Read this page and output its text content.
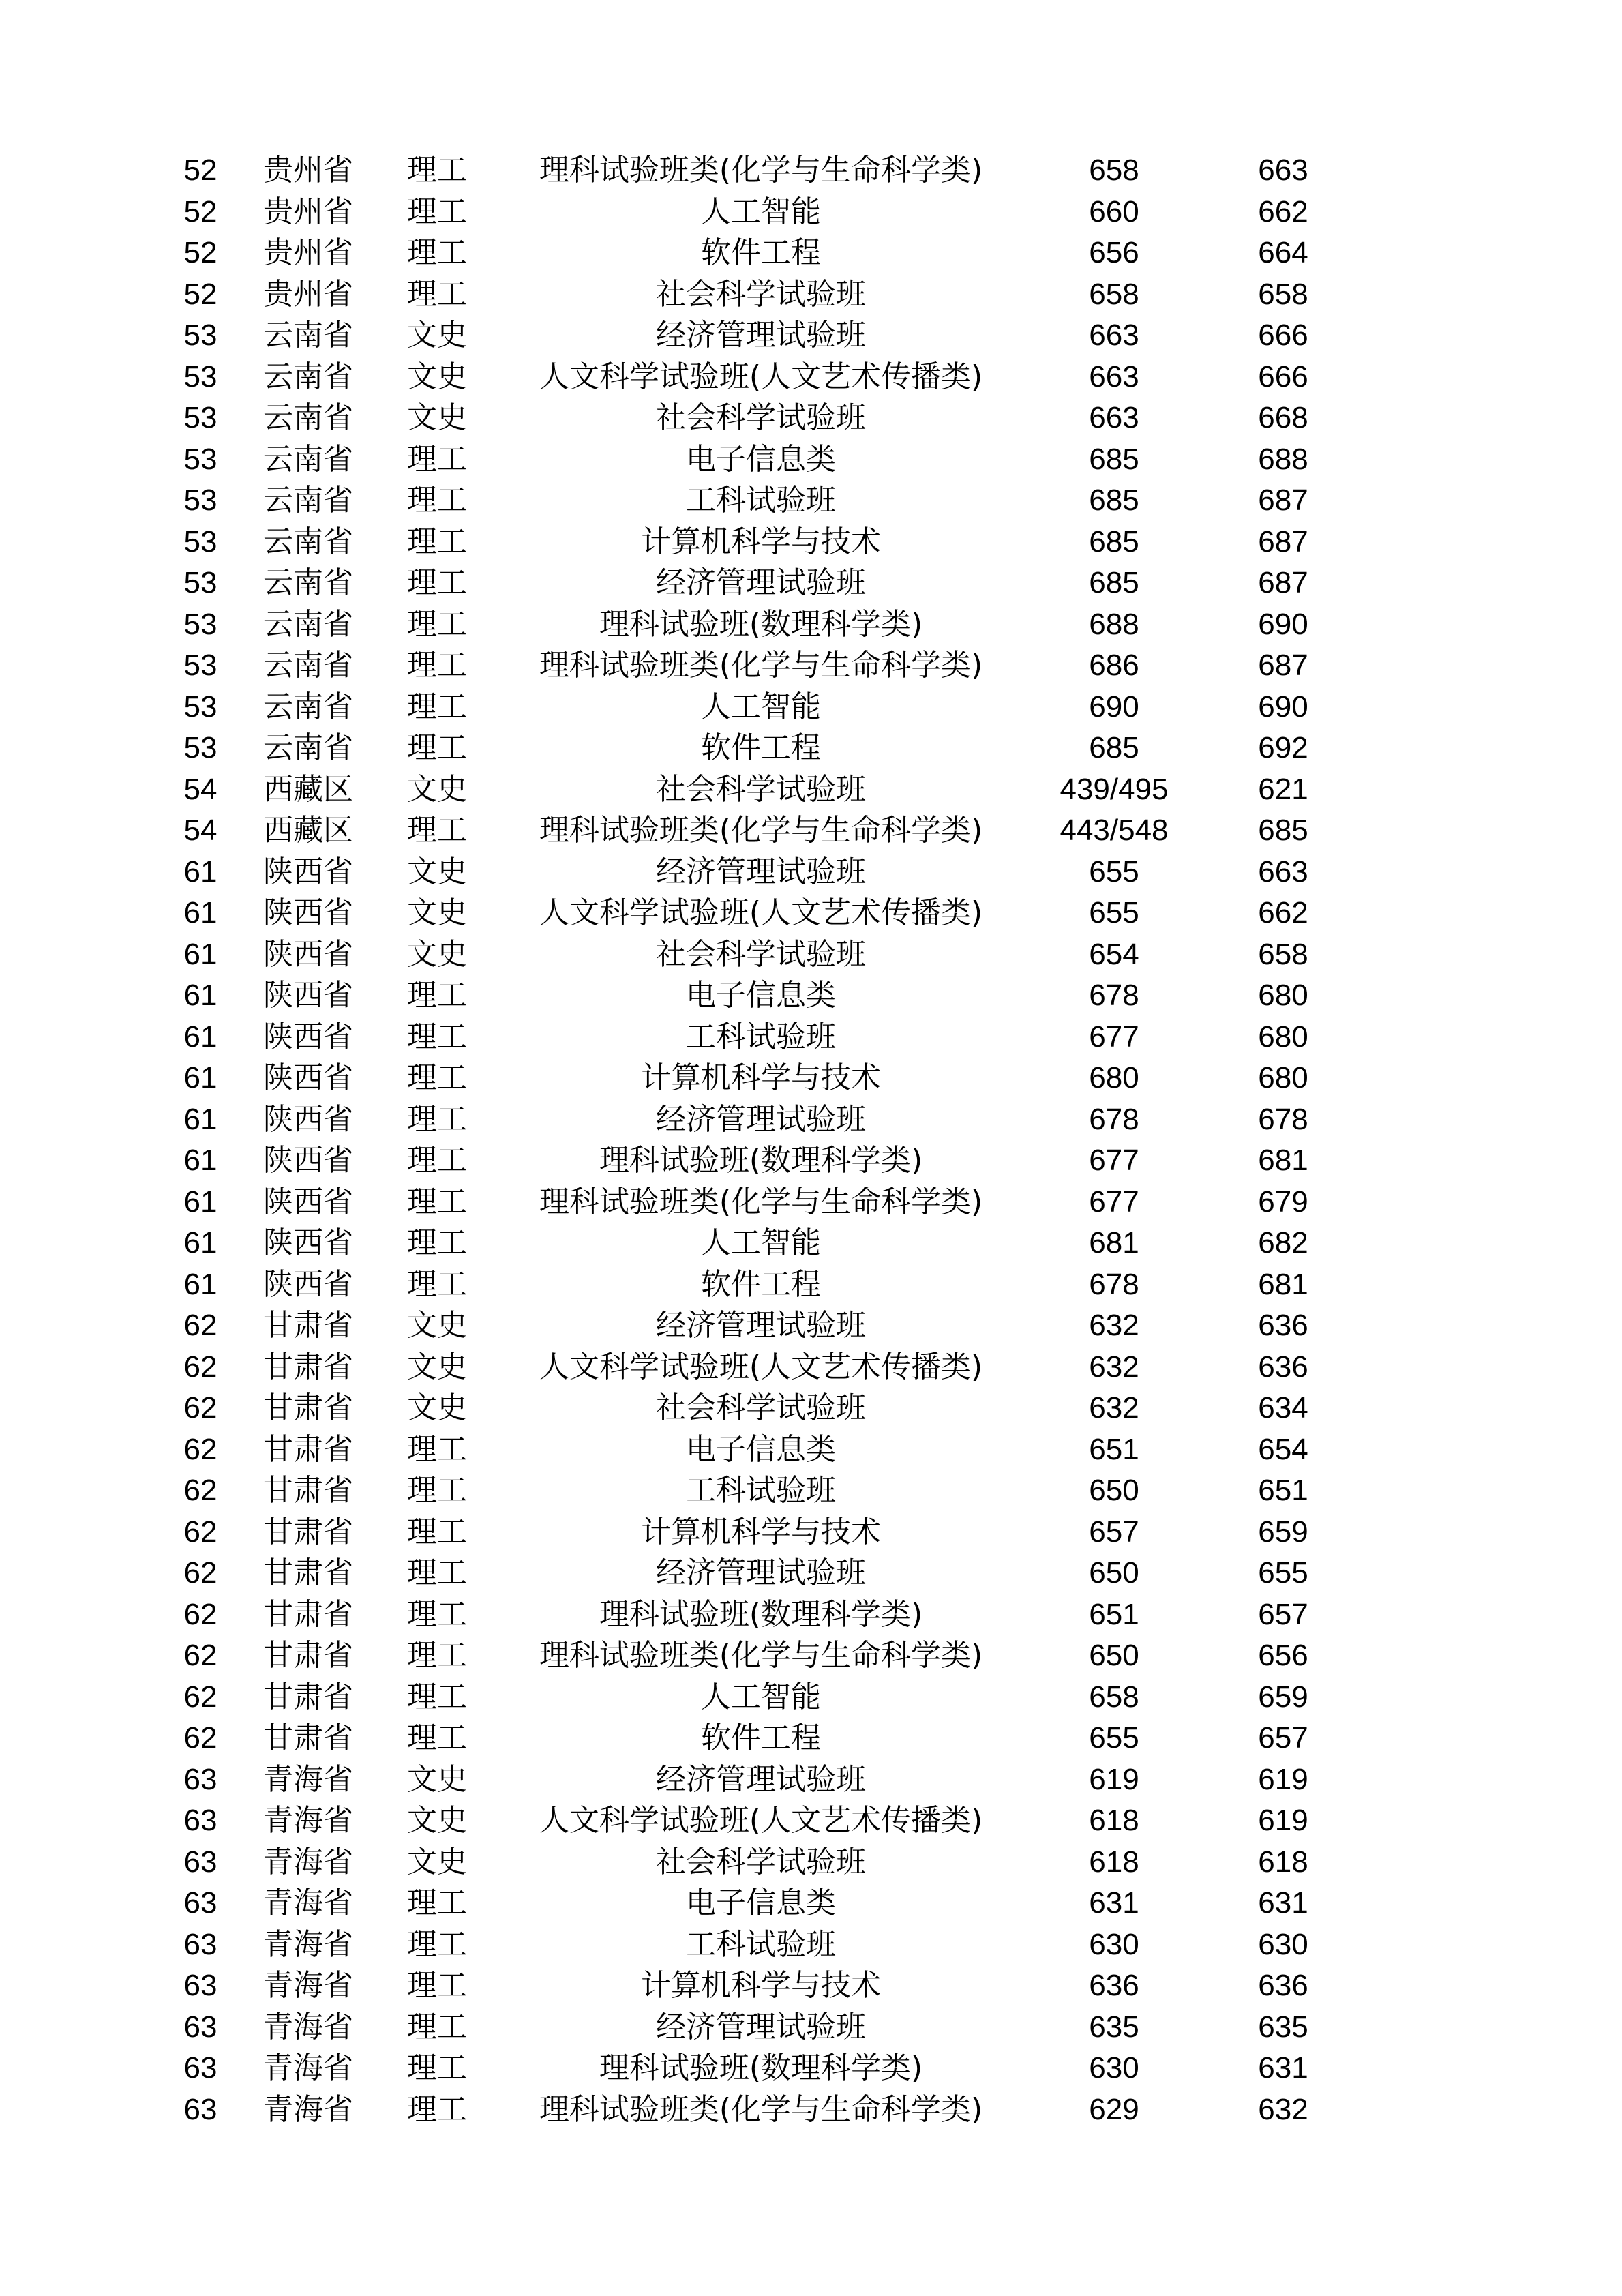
52	贵州省	理工	理科试验班类(化学与生命科学类)	658	663
52	贵州省	理工	人工智能	660	662
52	贵州省	理工	软件工程	656	664
52	贵州省	理工	社会科学试验班	658	658
53	云南省	文史	经济管理试验班	663	666
53	云南省	文史	人文科学试验班(人文艺术传播类)	663	666
53	云南省	文史	社会科学试验班	663	668
53	云南省	理工	电子信息类	685	688
53	云南省	理工	工科试验班	685	687
53	云南省	理工	计算机科学与技术	685	687
53	云南省	理工	经济管理试验班	685	687
53	云南省	理工	理科试验班(数理科学类)	688	690
53	云南省	理工	理科试验班类(化学与生命科学类)	686	687
53	云南省	理工	人工智能	690	690
53	云南省	理工	软件工程	685	692
54	西藏区	文史	社会科学试验班	439/495	621
54	西藏区	理工	理科试验班类(化学与生命科学类)	443/548	685
61	陕西省	文史	经济管理试验班	655	663
61	陕西省	文史	人文科学试验班(人文艺术传播类)	655	662
61	陕西省	文史	社会科学试验班	654	658
61	陕西省	理工	电子信息类	678	680
61	陕西省	理工	工科试验班	677	680
61	陕西省	理工	计算机科学与技术	680	680
61	陕西省	理工	经济管理试验班	678	678
61	陕西省	理工	理科试验班(数理科学类)	677	681
61	陕西省	理工	理科试验班类(化学与生命科学类)	677	679
61	陕西省	理工	人工智能	681	682
61	陕西省	理工	软件工程	678	681
62	甘肃省	文史	经济管理试验班	632	636
62	甘肃省	文史	人文科学试验班(人文艺术传播类)	632	636
62	甘肃省	文史	社会科学试验班	632	634
62	甘肃省	理工	电子信息类	651	654
62	甘肃省	理工	工科试验班	650	651
62	甘肃省	理工	计算机科学与技术	657	659
62	甘肃省	理工	经济管理试验班	650	655
62	甘肃省	理工	理科试验班(数理科学类)	651	657
62	甘肃省	理工	理科试验班类(化学与生命科学类)	650	656
62	甘肃省	理工	人工智能	658	659
62	甘肃省	理工	软件工程	655	657
63	青海省	文史	经济管理试验班	619	619
63	青海省	文史	人文科学试验班(人文艺术传播类)	618	619
63	青海省	文史	社会科学试验班	618	618
63	青海省	理工	电子信息类	631	631
63	青海省	理工	工科试验班	630	630
63	青海省	理工	计算机科学与技术	636	636
63	青海省	理工	经济管理试验班	635	635
63	青海省	理工	理科试验班(数理科学类)	630	631
63	青海省	理工	理科试验班类(化学与生命科学类)	629	632
